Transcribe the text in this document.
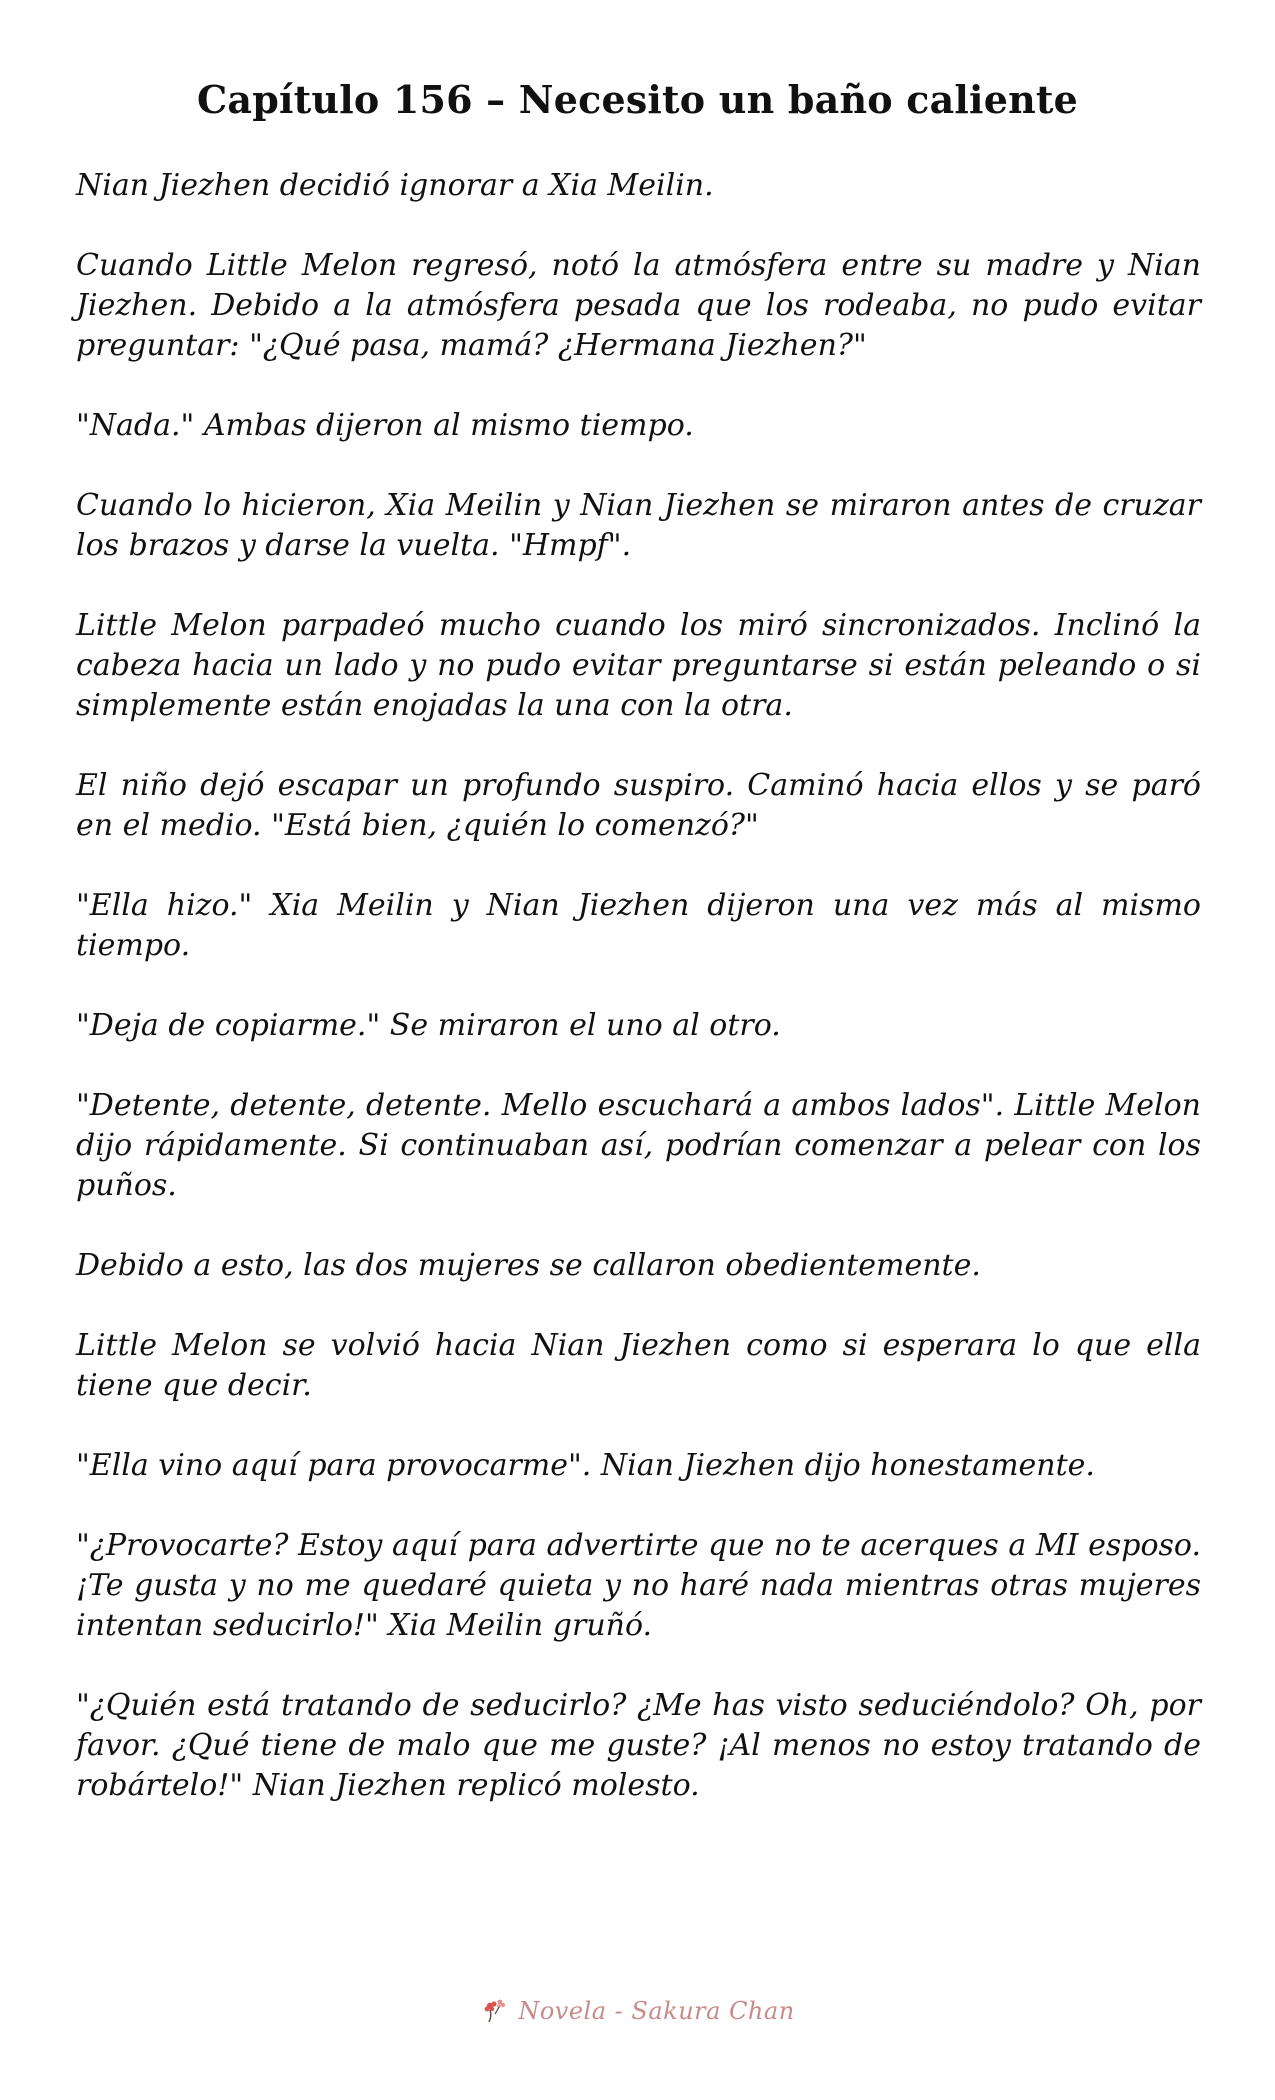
Capítulo 156 – Necesito un baño caliente

Nian Jiezhen decidió ignorar a Xia Meilin.

Cuando Little Melon regresó, notó la atmósfera entre su madre y Nian Jiezhen. Debido a la atmósfera pesada que los rodeaba, no pudo evitar preguntar: "¿Qué pasa, mamá? ¿Hermana Jiezhen?"

"Nada." Ambas dijeron al mismo tiempo.

Cuando lo hicieron, Xia Meilin y Nian Jiezhen se miraron antes de cruzar los brazos y darse la vuelta. "Hmpf".

Little Melon parpadeó mucho cuando los miró sincronizados. Inclinó la cabeza hacia un lado y no pudo evitar preguntarse si están peleando o si simplemente están enojadas la una con la otra.

El niño dejó escapar un profundo suspiro. Caminó hacia ellos y se paró en el medio. "Está bien, ¿quién lo comenzó?"

"Ella hizo." Xia Meilin y Nian Jiezhen dijeron una vez más al mismo tiempo.

"Deja de copiarme." Se miraron el uno al otro.

"Detente, detente, detente. Mello escuchará a ambos lados". Little Melon dijo rápidamente. Si continuaban así, podrían comenzar a pelear con los puños.

Debido a esto, las dos mujeres se callaron obedientemente.

Little Melon se volvió hacia Nian Jiezhen como si esperara lo que ella tiene que decir.

"Ella vino aquí para provocarme". Nian Jiezhen dijo honestamente.

"¿Provocarte? Estoy aquí para advertirte que no te acerques a MI esposo. ¡Te gusta y no me quedaré quieta y no haré nada mientras otras mujeres intentan seducirlo!" Xia Meilin gruñó.

"¿Quién está tratando de seducirlo? ¿Me has visto seduciéndolo? Oh, por favor. ¿Qué tiene de malo que me guste? ¡Al menos no estoy tratando de robártelo!" Nian Jiezhen replicó molesto.

Novela - Sakura Chan
